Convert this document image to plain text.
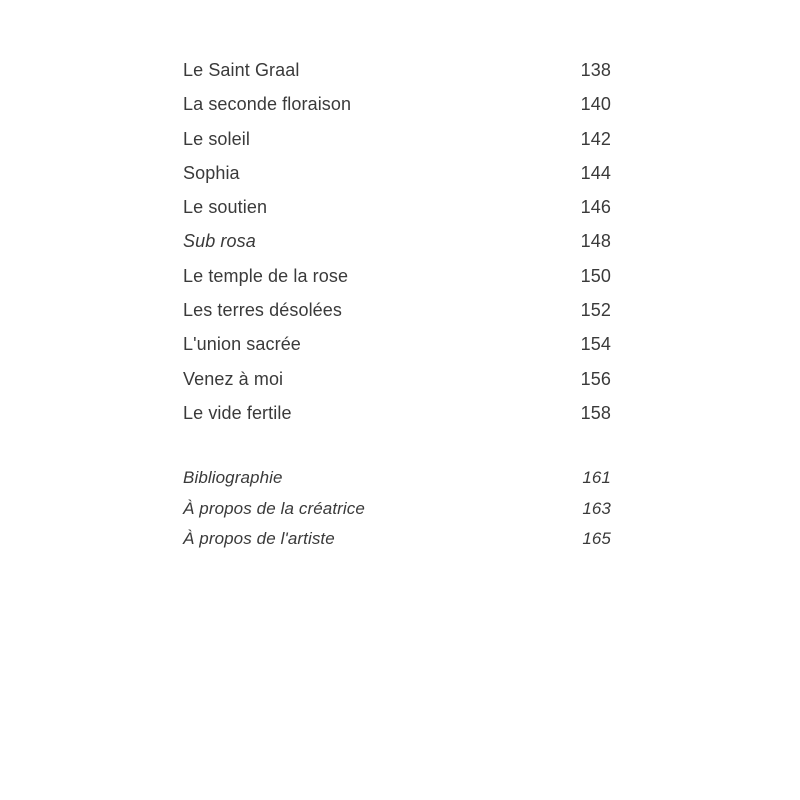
Le Saint Graal	138
La seconde floraison	140
Le soleil	142
Sophia	144
Le soutien	146
Sub rosa	148
Le temple de la rose	150
Les terres désolées	152
L'union sacrée	154
Venez à moi	156
Le vide fertile	158
Bibliographie	161
À propos de la créatrice	163
À propos de l'artiste	165
